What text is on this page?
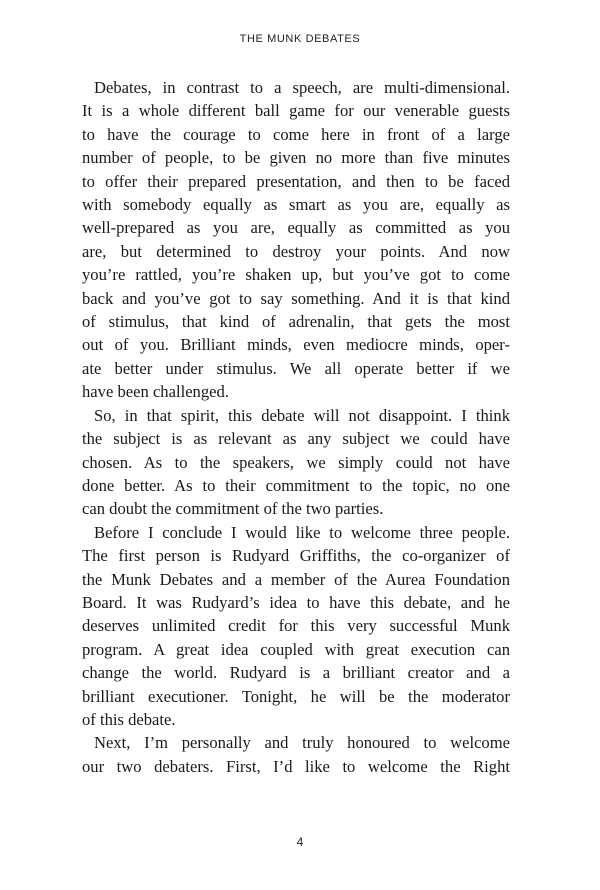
THE MUNK DEBATES

Debates, in contrast to a speech, are multi-dimensional.
It is a whole different ball game for our venerable guests
to have the courage to come here in front of a large
number of people, to be given no more than five minutes
to offer their prepared presentation, and then to be faced
with somebody equally as smart as you are, equally as
well-prepared as you are, equally as committed as you
are, but determined to destroy your points. And now
you’re rattled, you’re shaken up, but you’ve got to come
back and you’ve got to say something. And it is that kind
of stimulus, that kind of adrenalin, that gets the most
out of you. Brilliant minds, even mediocre minds, oper-
ate better under stimulus. We all operate better if we
have been challenged.

So, in that spirit, this debate will not disappoint. I think
the subject is as relevant as any subject we could have
chosen. As to the speakers, we simply could not have
done better. As to their commitment to the topic, no one
can doubt the commitment of the two parties.

Before I conclude I would like to welcome three people.
The first person is Rudyard Griffiths, the co-organizer of
the Munk Debates and a member of the Aurea Foundation
Board. It was Rudyard’s idea to have this debate, and he
deserves unlimited credit for this very successful Munk
program. A great idea coupled with great execution can
change the world. Rudyard is a brilliant creator and a
brilliant executioner. Tonight, he will be the moderator
of this debate.

Next, I’m personally and truly honoured to welcome
our two debaters. First, I’d like to welcome the Right

4
